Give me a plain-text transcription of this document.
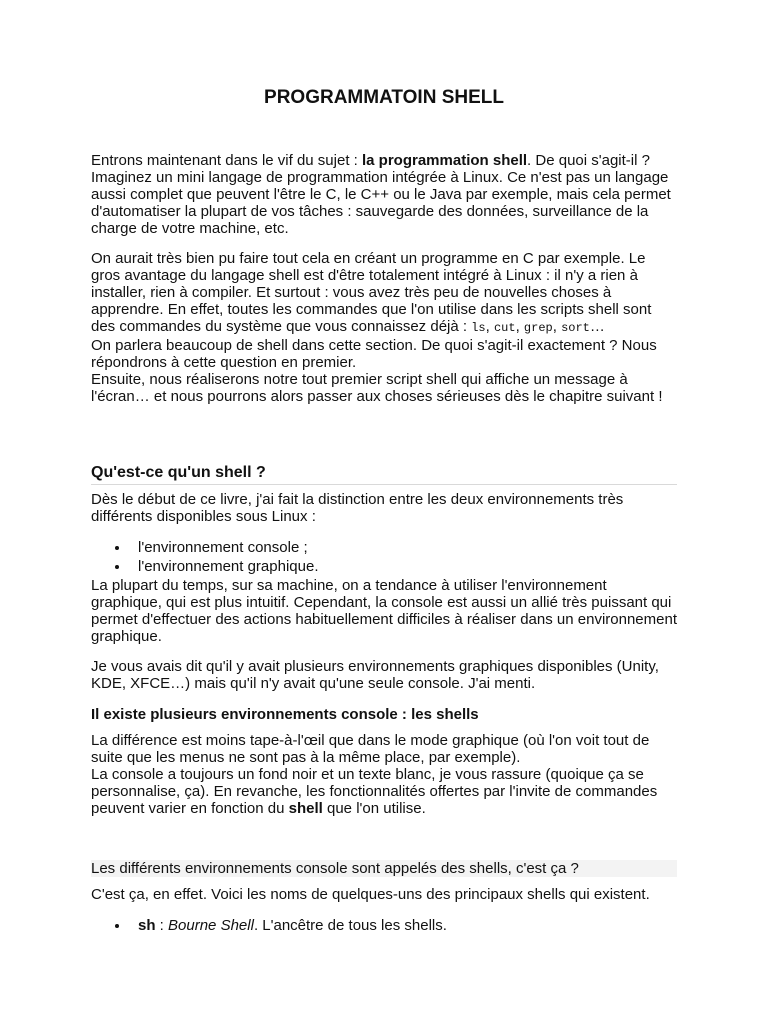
PROGRAMMATOIN SHELL

Entrons maintenant dans le vif du sujet : la programmation shell. De quoi s'agit-il ? Imaginez un mini langage de programmation intégrée à Linux. Ce n'est pas un langage aussi complet que peuvent l'être le C, le C++ ou le Java par exemple, mais cela permet d'automatiser la plupart de vos tâches : sauvegarde des données, surveillance de la charge de votre machine, etc.

On aurait très bien pu faire tout cela en créant un programme en C par exemple. Le gros avantage du langage shell est d'être totalement intégré à Linux : il n'y a rien à installer, rien à compiler. Et surtout : vous avez très peu de nouvelles choses à apprendre. En effet, toutes les commandes que l'on utilise dans les scripts shell sont des commandes du système que vous connaissez déjà : ls, cut, grep, sort…
On parlera beaucoup de shell dans cette section. De quoi s'agit-il exactement ? Nous répondrons à cette question en premier.
Ensuite, nous réaliserons notre tout premier script shell qui affiche un message à l'écran… et nous pourrons alors passer aux choses sérieuses dès le chapitre suivant !

Qu'est-ce qu'un shell ?

Dès le début de ce livre, j'ai fait la distinction entre les deux environnements très différents disponibles sous Linux :

l'environnement console ;
l'environnement graphique.

La plupart du temps, sur sa machine, on a tendance à utiliser l'environnement graphique, qui est plus intuitif. Cependant, la console est aussi un allié très puissant qui permet d'effectuer des actions habituellement difficiles à réaliser dans un environnement graphique.

Je vous avais dit qu'il y avait plusieurs environnements graphiques disponibles (Unity, KDE, XFCE…) mais qu'il n'y avait qu'une seule console. J'ai menti.

Il existe plusieurs environnements console : les shells

La différence est moins tape-à-l'œil que dans le mode graphique (où l'on voit tout de suite que les menus ne sont pas à la même place, par exemple).
La console a toujours un fond noir et un texte blanc, je vous rassure (quoique ça se personnalise, ça). En revanche, les fonctionnalités offertes par l'invite de commandes peuvent varier en fonction du shell que l'on utilise.

Les différents environnements console sont appelés des shells, c'est ça ?

C'est ça, en effet. Voici les noms de quelques-uns des principaux shells qui existent.

sh : Bourne Shell. L'ancêtre de tous les shells.
